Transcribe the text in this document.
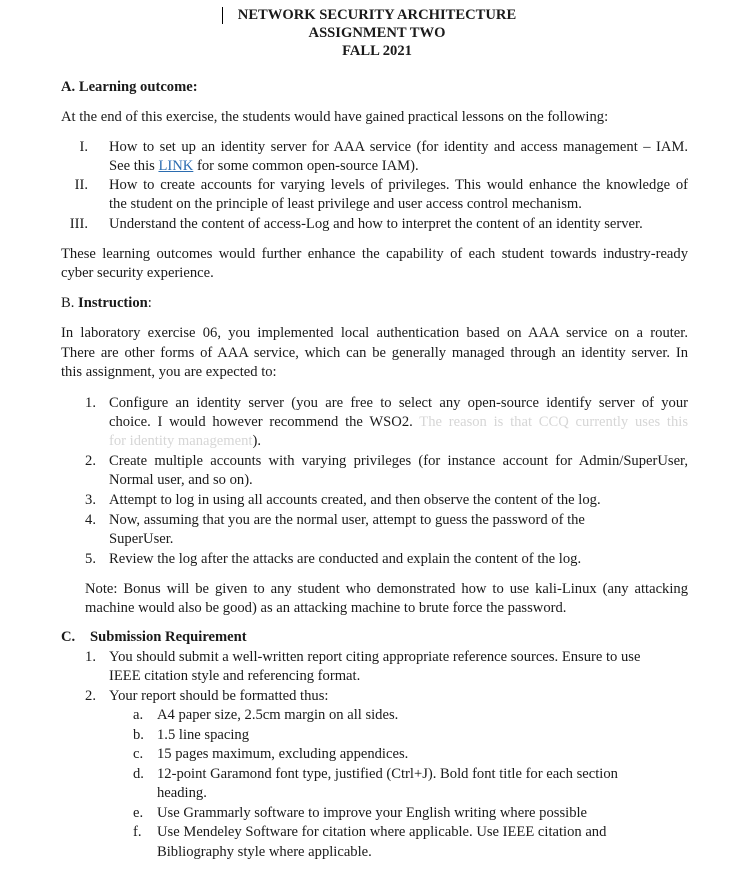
NETWORK SECURITY ARCHITECTURE
ASSIGNMENT TWO
FALL 2021
A. Learning outcome:
At the end of this exercise, the students would have gained practical lessons on the following:
I. How to set up an identity server for AAA service (for identity and access management – IAM.
See this LINK for some common open-source IAM).
II. How to create accounts for varying levels of privileges. This would enhance the knowledge of
the student on the principle of least privilege and user access control mechanism.
III. Understand the content of access-Log and how to interpret the content of an identity server.
These learning outcomes would further enhance the capability of each student towards industry-ready
cyber security experience.
B. Instruction:
In laboratory exercise 06, you implemented local authentication based on AAA service on a router.
There are other forms of AAA service, which can be generally managed through an identity server. In
this assignment, you are expected to:
1. Configure an identity server (you are free to select any open-source identify server of your
choice. I would however recommend the WSO2. The reason is that CCQ currently uses this
for identity management).
2. Create multiple accounts with varying privileges (for instance account for Admin/SuperUser,
Normal user, and so on).
3. Attempt to log in using all accounts created, and then observe the content of the log.
4. Now, assuming that you are the normal user, attempt to guess the password of the
SuperUser.
5. Review the log after the attacks are conducted and explain the content of the log.
Note: Bonus will be given to any student who demonstrated how to use kali-Linux (any attacking
machine would also be good) as an attacking machine to brute force the password.
C. Submission Requirement
1. You should submit a well-written report citing appropriate reference sources. Ensure to use
IEEE citation style and referencing format.
2. Your report should be formatted thus:
a. A4 paper size, 2.5cm margin on all sides.
b. 1.5 line spacing
c. 15 pages maximum, excluding appendices.
d. 12-point Garamond font type, justified (Ctrl+J). Bold font title for each section
heading.
e. Use Grammarly software to improve your English writing where possible
f. Use Mendeley Software for citation where applicable. Use IEEE citation and
Bibliography style where applicable.
